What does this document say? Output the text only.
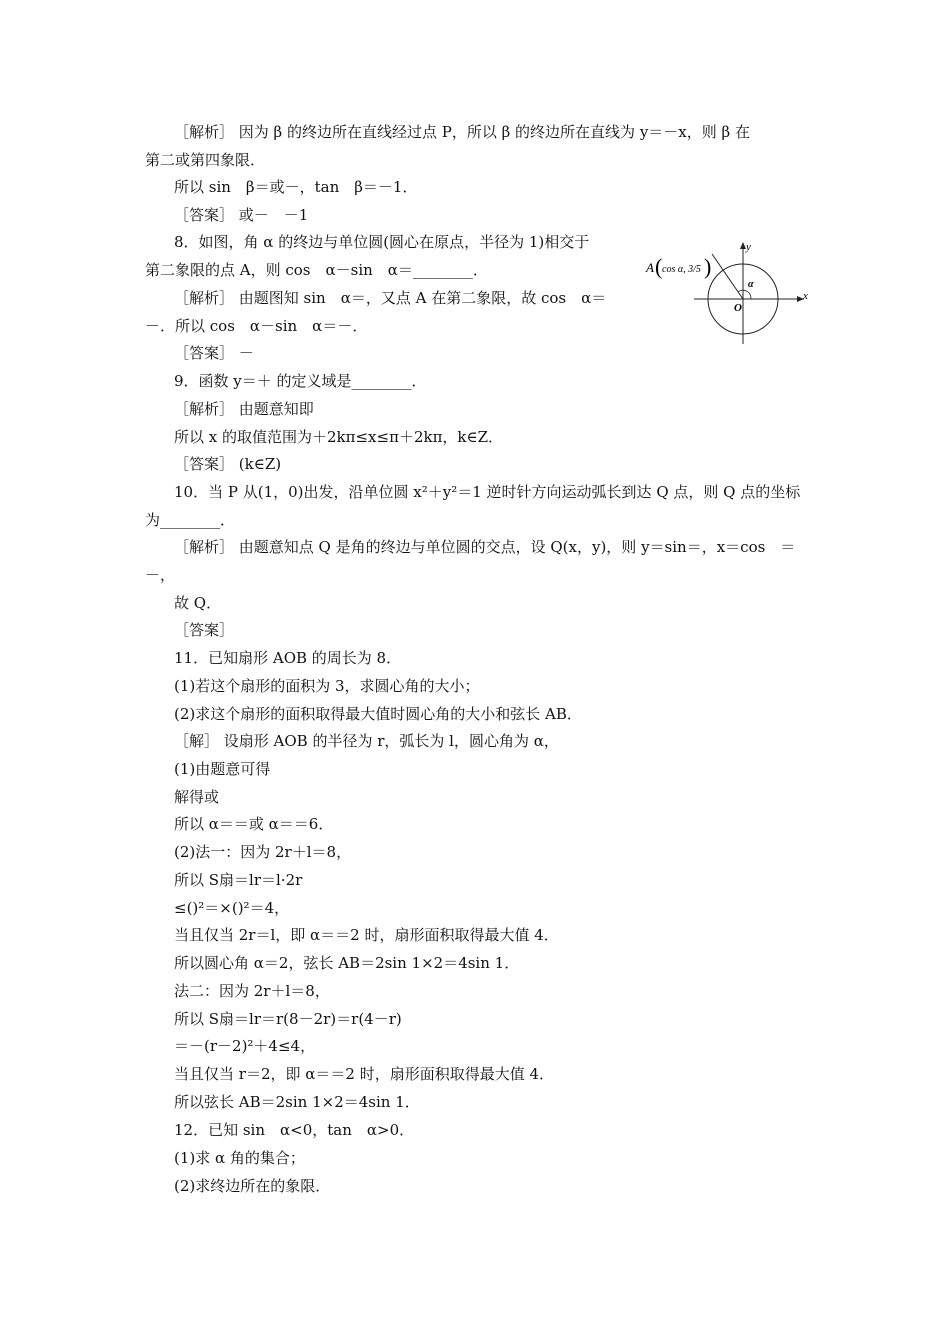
［解析］ 因为 β 的终边所在直线经过点 P，所以 β 的终边所在直线为 y＝－x，则 β 在
第二或第四象限．
所以 sin　β＝或－，tan　β＝－1．
［答案］ 或－　－1
8．如图，角 α 的终边与单位圆(圆心在原点，半径为 1)相交于
第二象限的点 A，则 cos　α－sin　α＝________．
［解析］ 由题图知 sin　α＝，又点 A 在第二象限，故 cos　α＝
－．所以 cos　α－sin　α＝－．
［答案］ －
9．函数 y＝＋ 的定义域是________．
［解析］ 由题意知即
所以 x 的取值范围为＋2kπ≤x≤π＋2kπ，k∈Z．
［答案］ (k∈Z)
10．当 P 从(1，0)出发，沿单位圆 x²＋y²＝1 逆时针方向运动弧长到达 Q 点，则 Q 点的坐标
为________．
［解析］ 由题意知点 Q 是角的终边与单位圆的交点，设 Q(x，y)，则 y＝sin＝，x＝cos　＝
－，
故 Q．
［答案］
11．已知扇形 AOB 的周长为 8．
(1)若这个扇形的面积为 3，求圆心角的大小；
(2)求这个扇形的面积取得最大值时圆心角的大小和弦长 AB．
［解］ 设扇形 AOB 的半径为 r，弧长为 l，圆心角为 α，
(1)由题意可得
解得或
所以 α＝＝或 α＝＝6．
(2)法一：因为 2r＋l＝8，
所以 S扇＝lr＝l·2r
≤()²＝×()²＝4，
当且仅当 2r＝l，即 α＝＝2 时，扇形面积取得最大值 4．
所以圆心角 α＝2，弦长 AB＝2sin 1×2＝4sin 1．
法二：因为 2r＋l＝8，
所以 S扇＝lr＝r(8－2r)＝r(4－r)
＝－(r－2)²＋4≤4，
当且仅当 r＝2，即 α＝＝2 时，扇形面积取得最大值 4．
所以弦长 AB＝2sin 1×2＝4sin 1．
12．已知 sin　α<0，tan　α>0．
(1)求 α 角的集合；
(2)求终边所在的象限．
A ( cos α, 3/5 )
y
x
O
α
